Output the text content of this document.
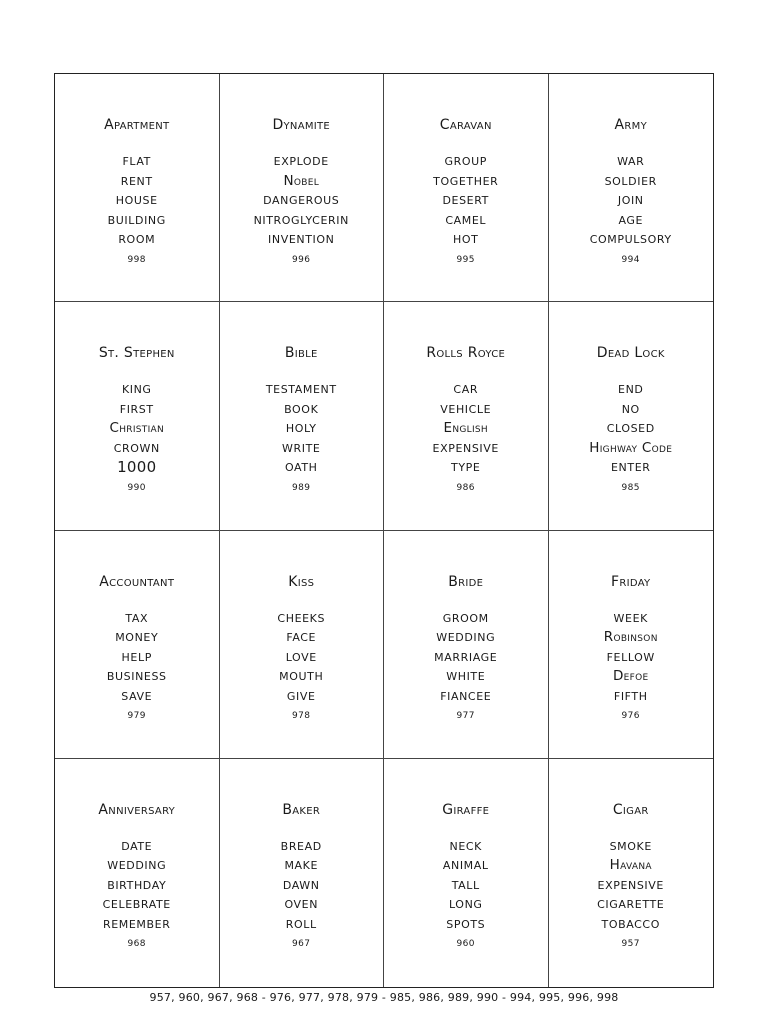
Apartment
FLAT
RENT
HOUSE
BUILDING
ROOM
998
Dynamite
EXPLODE
Nobel
DANGEROUS
NITROGLYCERIN
INVENTION
996
Caravan
GROUP
TOGETHER
DESERT
CAMEL
HOT
995
Army
WAR
SOLDIER
JOIN
AGE
COMPULSORY
994
St. Stephen
KING
FIRST
Christian
CROWN
1000
990
Bible
TESTAMENT
BOOK
HOLY
WRITE
OATH
989
Rolls Royce
CAR
VEHICLE
English
EXPENSIVE
TYPE
986
Dead Lock
END
NO
CLOSED
Highway Code
ENTER
985
Accountant
TAX
MONEY
HELP
BUSINESS
SAVE
979
Kiss
CHEEKS
FACE
LOVE
MOUTH
GIVE
978
Bride
GROOM
WEDDING
MARRIAGE
WHITE
FIANCEE
977
Friday
WEEK
Robinson
FELLOW
Defoe
FIFTH
976
Anniversary
DATE
WEDDING
BIRTHDAY
CELEBRATE
REMEMBER
968
Baker
BREAD
MAKE
DAWN
OVEN
ROLL
967
Giraffe
NECK
ANIMAL
TALL
LONG
SPOTS
960
Cigar
SMOKE
Havana
EXPENSIVE
CIGARETTE
TOBACCO
957
957, 960, 967, 968 - 976, 977, 978, 979 - 985, 986, 989, 990 - 994, 995, 996, 998
